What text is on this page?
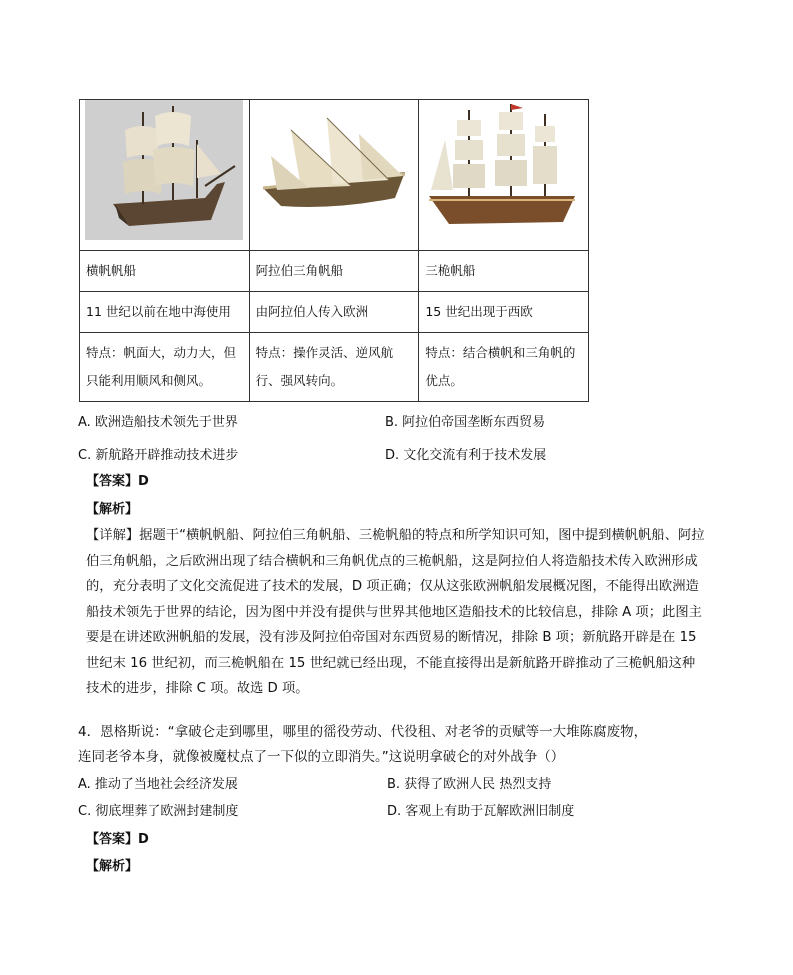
横帆帆船	阿拉伯三角帆船	三桅帆船
11 世纪以前在地中海使用	由阿拉伯人传入欧洲	15 世纪出现于西欧
特点：帆面大，动力大，但只能利用顺风和侧风。	特点：操作灵活、逆风航行、强风转向。	特点：结合横帆和三角帆的优点。
A. 欧洲造船技术领先于世界	B. 阿拉伯帝国垄断东西贸易
C. 新航路开辟推动技术进步	D. 文化交流有利于技术发展
【答案】D
【解析】
【详解】据题干“横帆帆船、阿拉伯三角帆船、三桅帆船的特点和所学知识可知，图中提到横帆帆船、阿拉伯三角帆船，之后欧洲出现了结合横帆和三角帆优点的三桅帆船，这是阿拉伯人将造船技术传入欧洲形成的，充分表明了文化交流促进了技术的发展，D 项正确；仅从这张欧洲帆船发展概况图，不能得出欧洲造船技术领先于世界的结论，因为图中并没有提供与世界其他地区造船技术的比较信息，排除 A 项；此图主要是在讲述欧洲帆船的发展，没有涉及阿拉伯帝国对东西贸易的断情况，排除 B 项；新航路开辟是在 15 世纪末 16 世纪初，而三桅帆船在 15 世纪就已经出现，不能直接得出是新航路开辟推动了三桅帆船这种技术的进步，排除 C 项。故选 D 项。
4．恩格斯说：“拿破仑走到哪里，哪里的徭役劳动、代役租、对老爷的贡赋等一大堆陈腐废物，
连同老爷本身，就像被魔杖点了一下似的立即消失。”这说明拿破仑的对外战争（）
A. 推动了当地社会经济发展	B. 获得了欧洲人民 热烈支持
C. 彻底埋葬了欧洲封建制度	D. 客观上有助于瓦解欧洲旧制度
【答案】D
【解析】
